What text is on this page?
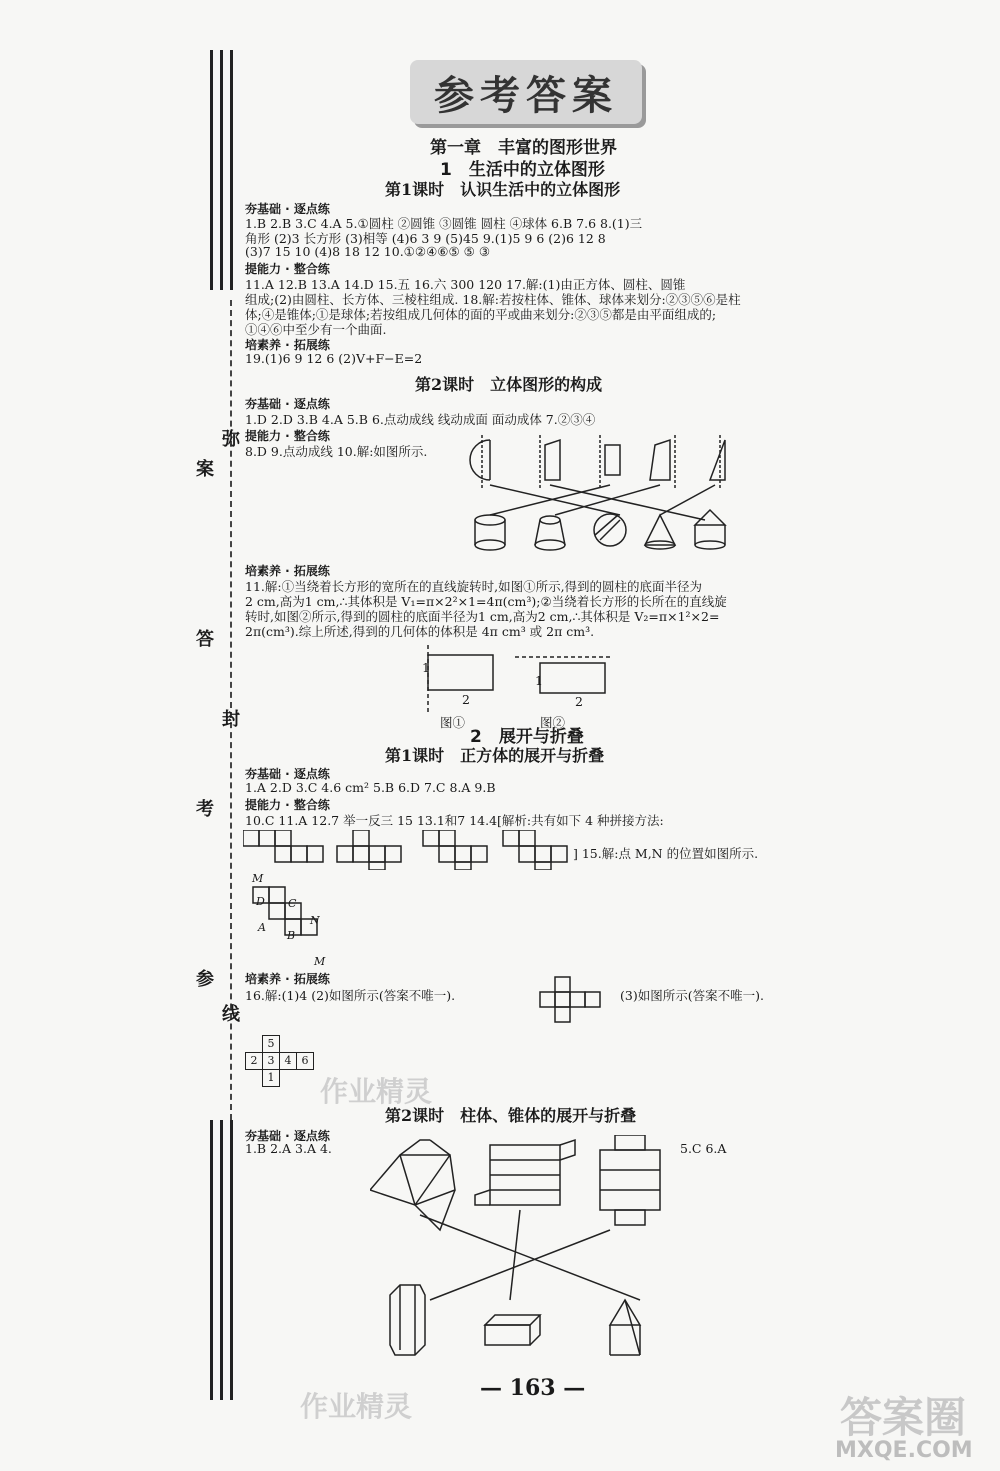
弥
案
答
封
考
参
线
参考答案
第一章　丰富的图形世界
1　生活中的立体图形
第1课时　认识生活中的立体图形
夯基础 · 逐点练
1.B 2.B 3.C 4.A 5.①圆柱 ②圆锥 ③圆锥 圆柱 ④球体 6.B 7.6 8.(1)三
角形 (2)3 长方形 (3)相等 (4)6 3 9 (5)45 9.(1)5 9 6 (2)6 12 8
(3)7 15 10 (4)8 18 12 10.①②④⑥⑤ ⑤ ③
提能力 · 整合练
11.A 12.B 13.A 14.D 15.五 16.六 300 120 17.解:(1)由正方体、圆柱、圆锥
组成;(2)由圆柱、长方体、三棱柱组成. 18.解:若按柱体、锥体、球体来划分:②③⑤⑥是柱
体;④是锥体;①是球体;若按组成几何体的面的平或曲来划分:②③⑤都是由平面组成的;
①④⑥中至少有一个曲面.
培素养 · 拓展练
19.(1)6 9 12 6 (2)V+F−E=2
第2课时　立体图形的构成
夯基础 · 逐点练
1.D 2.D 3.B 4.A 5.B 6.点动成线 线动成面 面动成体 7.②③④
提能力 · 整合练
8.D 9.点动成线 10.解:如图所示.
培素养 · 拓展练
11.解:①当绕着长方形的宽所在的直线旋转时,如图①所示,得到的圆柱的底面半径为
2 cm,高为1 cm,∴其体积是 V₁=π×2²×1=4π(cm³);②当绕着长方形的长所在的直线旋
转时,如图②所示,得到的圆柱的底面半径为1 cm,高为2 cm,∴其体积是 V₂=π×1²×2=
2π(cm³).综上所述,得到的几何体的体积是 4π cm³ 或 2π cm³.
1
2
1
2
图①	图②
2　展开与折叠
第1课时　正方体的展开与折叠
夯基础 · 逐点练
1.A 2.D 3.C 4.6 cm² 5.B 6.D 7.C 8.A 9.B
提能力 · 整合练
10.C 11.A 12.7 举一反三 15 13.1和7 14.4[解析:共有如下 4 种拼接方法:
] 15.解:点 M,N 的位置如图所示.
M
D C
N
A
B
M
培素养 · 拓展练
16.解:(1)4 (2)如图所示(答案不唯一).	(3)如图所示(答案不唯一).
5
2 3 4 6
1 作业精灵
第2课时　柱体、锥体的展开与折叠
夯基础 · 逐点练
1.B 2.A 3.A 4.	5.C 6.A
作业精灵
— 163 —
答案圈
MXQE.COM
